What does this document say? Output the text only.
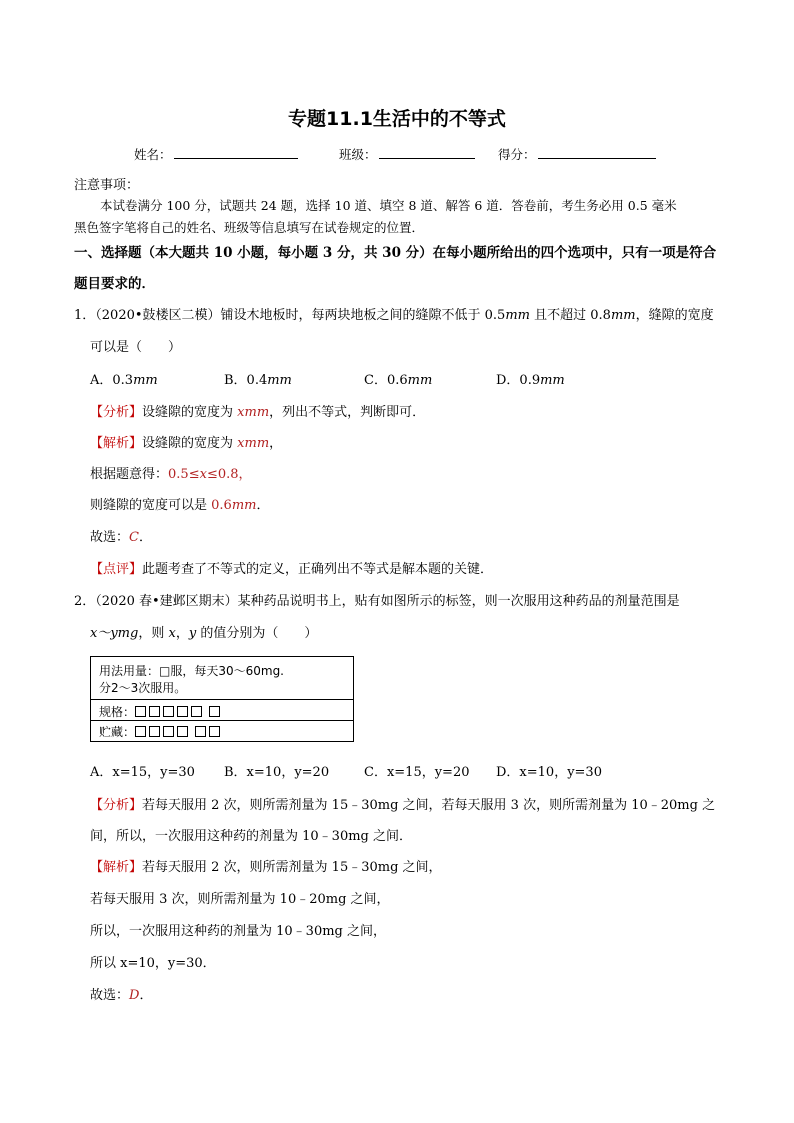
专题11.1生活中的不等式
姓名：	班级：	得分：
注意事项：
本试卷满分 100 分，试题共 24 题，选择 10 道、填空 8 道、解答 6 道．答卷前，考生务必用 0.5 毫米
黑色签字笔将自己的姓名、班级等信息填写在试卷规定的位置．
一、选择题（本大题共 10 小题，每小题 3 分，共 30 分）在每小题所给出的四个选项中，只有一项是符合
题目要求的．
1．（2020•鼓楼区二模）铺设木地板时，每两块地板之间的缝隙不低于 0.5mm 且不超过 0.8mm，缝隙的宽度
可以是（　　）
A．0.3mm	B．0.4mm	C．0.6mm	D．0.9mm
【分析】设缝隙的宽度为 xmm，列出不等式，判断即可．
【解析】设缝隙的宽度为 xmm，
根据题意得：0.5≤x≤0.8，
则缝隙的宽度可以是 0.6mm．
故选：C．
【点评】此题考查了不等式的定义，正确列出不等式是解本题的关键．
2．（2020 春•建邺区期末）某种药品说明书上，贴有如图所示的标签，则一次服用这种药品的剂量范围是
x～ymg，则 x，y 的值分别为（　　）
用法用量：□服，每天30～60mg.
分2～3次服用。
规格：
贮藏：
A．x=15，y=30 B．x=10，y=20	C．x=15，y=20 D．x=10，y=30
【分析】若每天服用 2 次，则所需剂量为 15﹣30mg 之间，若每天服用 3 次，则所需剂量为 10﹣20mg 之
间，所以，一次服用这种药的剂量为 10﹣30mg 之间．
【解析】若每天服用 2 次，则所需剂量为 15﹣30mg 之间，
若每天服用 3 次，则所需剂量为 10﹣20mg 之间，
所以，一次服用这种药的剂量为 10﹣30mg 之间，
所以 x=10，y=30．
故选：D．
